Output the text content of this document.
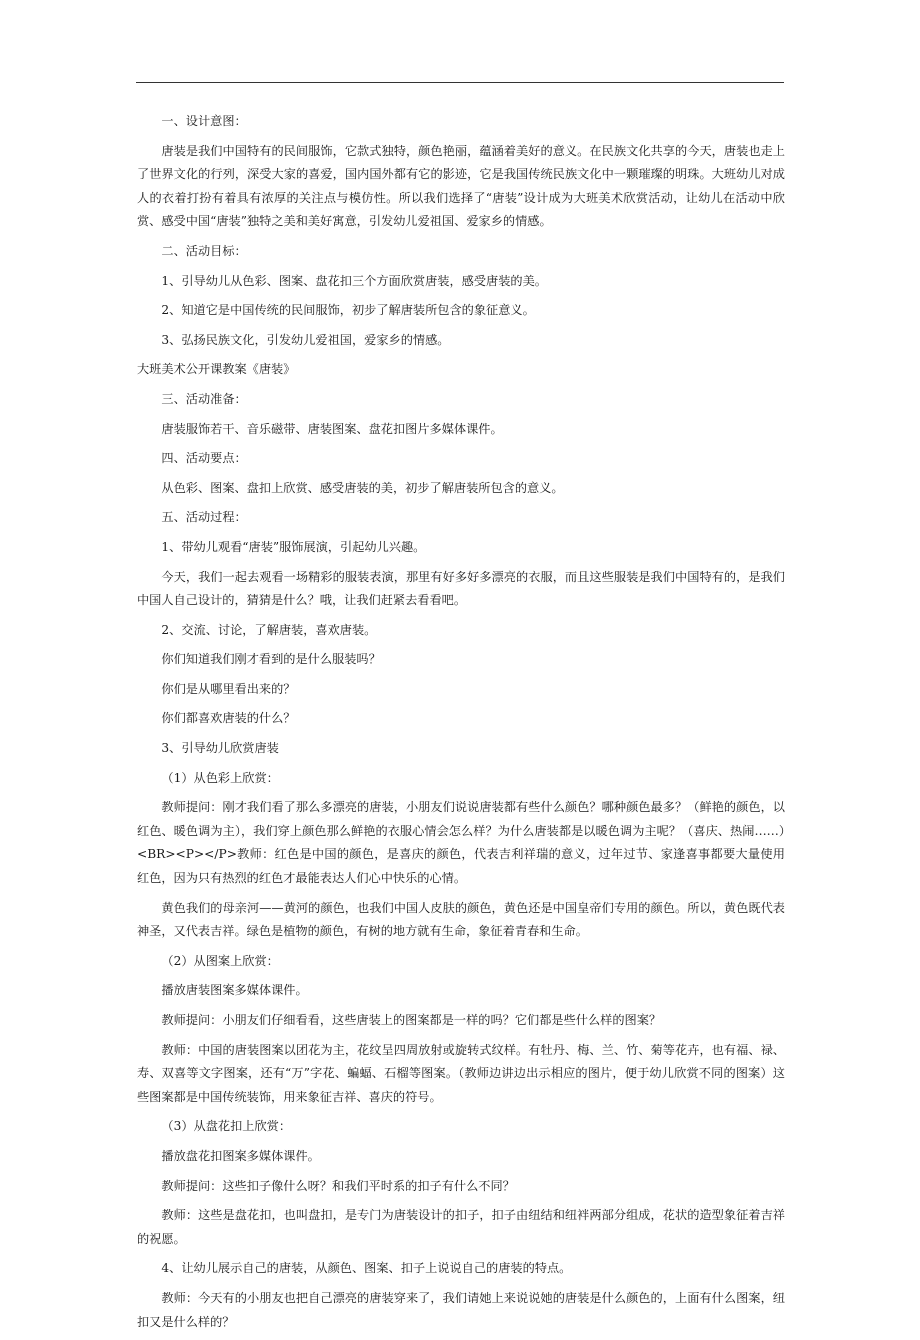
一、设计意图：

唐装是我们中国特有的民间服饰，它款式独特，颜色艳丽，蕴涵着美好的意义。在民族文化共享的今天，唐装也走上了世界文化的行列，深受大家的喜爱，国内国外都有它的影迹，它是我国传统民族文化中一颗璀璨的明珠。大班幼儿对成人的衣着打扮有着具有浓厚的关注点与模仿性。所以我们选择了“唐装”设计成为大班美术欣赏活动，让幼儿在活动中欣赏、感受中国“唐装”独特之美和美好寓意，引发幼儿爱祖国、爱家乡的情感。

二、活动目标：

1、引导幼儿从色彩、图案、盘花扣三个方面欣赏唐装，感受唐装的美。

2、知道它是中国传统的民间服饰，初步了解唐装所包含的象征意义。

3、弘扬民族文化，引发幼儿爱祖国，爱家乡的情感。

大班美术公开课教案《唐装》

三、活动准备：

唐装服饰若干、音乐磁带、唐装图案、盘花扣图片多媒体课件。

四、活动要点：

从色彩、图案、盘扣上欣赏、感受唐装的美，初步了解唐装所包含的意义。

五、活动过程：

1、带幼儿观看“唐装”服饰展演，引起幼儿兴趣。

今天，我们一起去观看一场精彩的服装表演，那里有好多好多漂亮的衣服，而且这些服装是我们中国特有的，是我们中国人自己设计的，猜猜是什么？哦，让我们赶紧去看看吧。

2、交流、讨论，了解唐装，喜欢唐装。

你们知道我们刚才看到的是什么服装吗？

你们是从哪里看出来的？

你们都喜欢唐装的什么？

3、引导幼儿欣赏唐装

（1）从色彩上欣赏：

教师提问：刚才我们看了那么多漂亮的唐装，小朋友们说说唐装都有些什么颜色？哪种颜色最多？（鲜艳的颜色，以红色、暖色调为主），我们穿上颜色那么鲜艳的衣服心情会怎么样？为什么唐装都是以暖色调为主呢？（喜庆、热闹……）<BR><P></P>教师：红色是中国的颜色，是喜庆的颜色，代表吉利祥瑞的意义，过年过节、家逢喜事都要大量使用红色，因为只有热烈的红色才最能表达人们心中快乐的心情。

黄色我们的母亲河——黄河的颜色，也我们中国人皮肤的颜色，黄色还是中国皇帝们专用的颜色。所以，黄色既代表神圣，又代表吉祥。绿色是植物的颜色，有树的地方就有生命，象征着青春和生命。

（2）从图案上欣赏：

播放唐装图案多媒体课件。

教师提问：小朋友们仔细看看，这些唐装上的图案都是一样的吗？它们都是些什么样的图案？

教师：中国的唐装图案以团花为主，花纹呈四周放射或旋转式纹样。有牡丹、梅、兰、竹、菊等花卉，也有福、禄、寿、双喜等文字图案，还有“万”字花、蝙蝠、石榴等图案。（教师边讲边出示相应的图片，便于幼儿欣赏不同的图案）这些图案都是中国传统装饰，用来象征吉祥、喜庆的符号。

（3）从盘花扣上欣赏：

播放盘花扣图案多媒体课件。

教师提问：这些扣子像什么呀？和我们平时系的扣子有什么不同？

教师：这些是盘花扣，也叫盘扣，是专门为唐装设计的扣子，扣子由纽结和纽袢两部分组成，花状的造型象征着吉祥的祝愿。

4、让幼儿展示自己的唐装，从颜色、图案、扣子上说说自己的唐装的特点。

教师：今天有的小朋友也把自己漂亮的唐装穿来了，我们请她上来说说她的唐装是什么颜色的，上面有什么图案，纽扣又是什么样的？
